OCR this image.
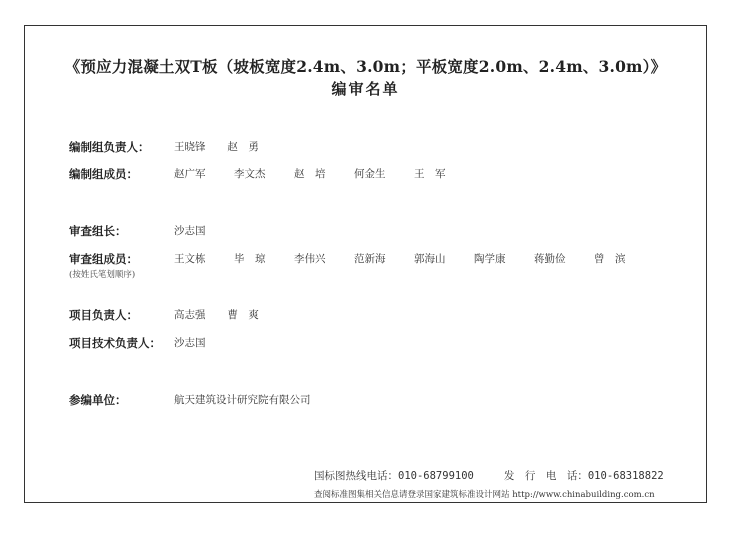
《预应力混凝土双T板（坡板宽度2.4m、3.0m；平板宽度2.0m、2.4m、3.0m）》
编审名单
编制组负责人： 王晓锋 赵　勇
编制组成员：	赵广军	李文杰	赵　培	何金生	王　军
审查组长：	沙志国
审查组成员：	王文栋	毕　琼	李伟兴	范新海	郭海山	陶学康	蒋勤俭	曾　滨
(按姓氏笔划顺序)
项目负责人：	高志强 曹　爽
项目技术负责人： 沙志国
参编单位：	航天建筑设计研究院有限公司
国标图热线电话：010-68799100	发　行　电　话：010-68318822
查阅标准图集相关信息请登录国家建筑标准设计网站 http://www.chinabuilding.com.cn
